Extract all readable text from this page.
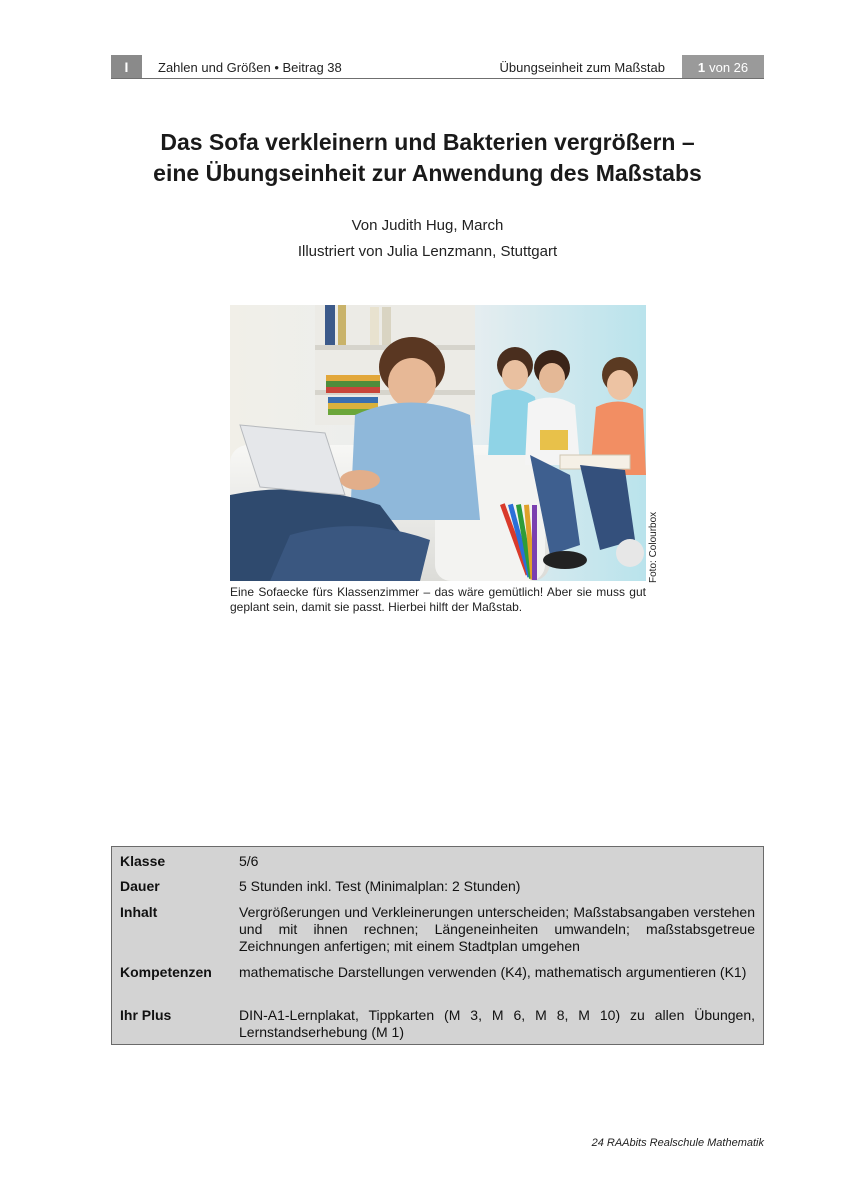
I	Zahlen und Größen • Beitrag 38	Übungseinheit zum Maßstab	1 von 26
Das Sofa verkleinern und Bakterien vergrößern –
eine Übungseinheit zur Anwendung des Maßstabs
Von Judith Hug, March
Illustriert von Julia Lenzmann, Stuttgart
Foto: Colourbox
Eine Sofaecke fürs Klassenzimmer – das wäre gemütlich! Aber sie muss gut geplant sein, damit sie passt. Hierbei hilft der Maßstab.
Klasse	5/6
Dauer	5 Stunden inkl. Test (Minimalplan: 2 Stunden)
Inhalt	Vergrößerungen und Verkleinerungen unterscheiden; Maßstabsangaben verstehen und mit ihnen rechnen; Längeneinheiten umwandeln; maßstabsgetreue Zeichnungen anfertigen; mit einem Stadtplan umgehen
Kompetenzen	mathematische Darstellungen verwenden (K4), mathematisch argumentieren (K1)
Ihr Plus	DIN-A1-Lernplakat, Tippkarten (M 3, M 6, M 8, M 10) zu allen Übungen, Lernstandserhebung (M 1)
24 RAAbits Realschule Mathematik
